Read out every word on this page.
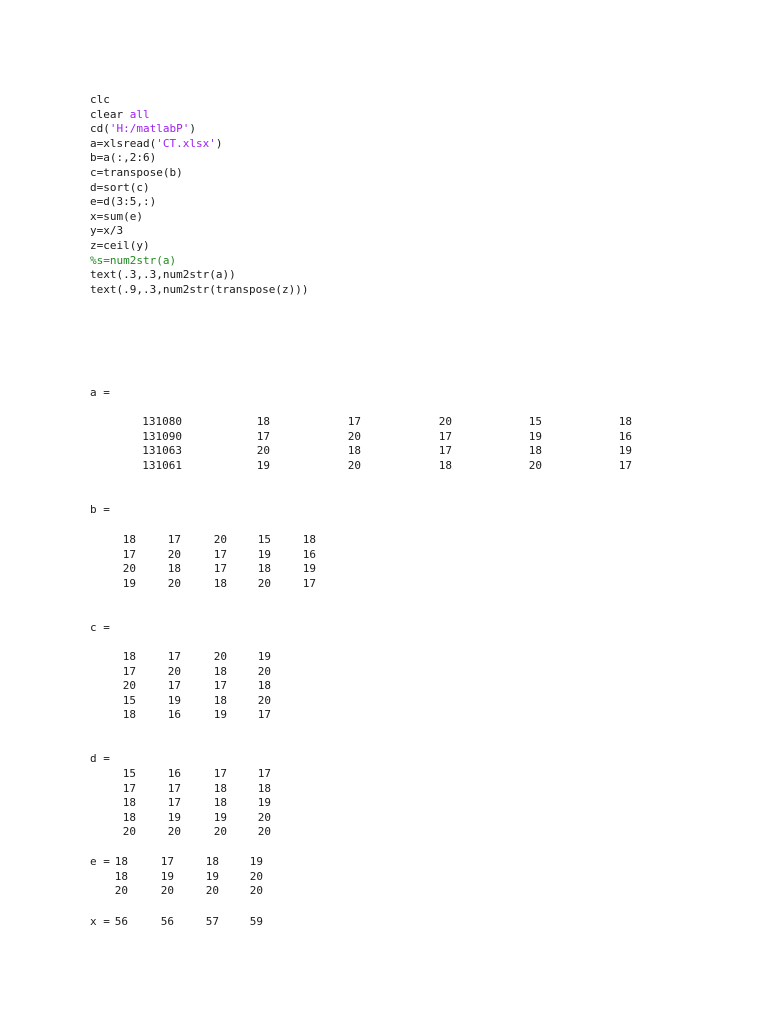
clc
clear all
cd('H:/matlabP')
a=xlsread('CT.xlsx')
b=a(:,2:6)
c=transpose(b)
d=sort(c)
e=d(3:5,:)
x=sum(e)
y=x/3
z=ceil(y)
%s=num2str(a)
text(.3,.3,num2str(a))
text(.9,.3,num2str(transpose(z)))
a =
131080	18	17	20	15	18
131090	17	20	17	19	16
131063	20	18	17	18	19
131061	19	20	18	20	17
b =
18	17	20	15	18
17	20	17	19	16
20	18	17	18	19
19	20	18	20	17
c =
18	17	20	19
17	20	18	20
20	17	17	18
15	19	18	20
18	16	19	17
d =
15	16	17	17
17	17	18	18
18	17	18	19
18	19	19	20
20	20	20	20
e = 18	17	18	19
18	19	19	20
20	20	20	20
x = 56	56	57	59
